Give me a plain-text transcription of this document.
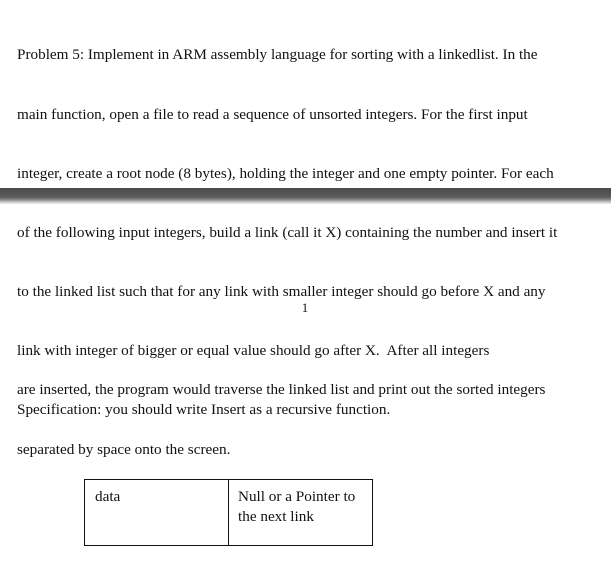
Problem 5: Implement in ARM assembly language for sorting with a linkedlist. In the

main function, open a file to read a sequence of unsorted integers. For the first input

integer, create a root node (8 bytes), holding the integer and one empty pointer. For each

of the following input integers, build a link (call it X) containing the number and insert it

to the linked list such that for any link with smaller integer should go before X and any

link with integer of bigger or equal value should go after X.  After all integers

1

are inserted, the program would traverse the linked list and print out the sorted integers

separated by space onto the screen.

Specification: you should write Insert as a recursive function.
data	Null or a Pointer to
the next link
